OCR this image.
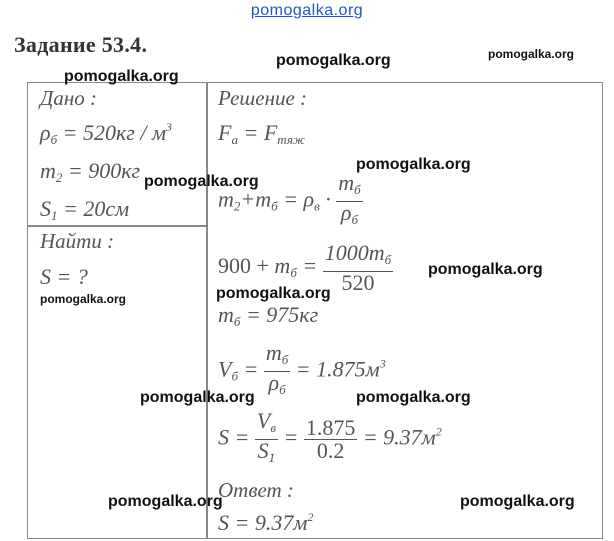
pomogalka.org
Задание 53.4.
Дано :
$\rho_б = 520кг / м^3$
$m_2 = 900кг$
$S_1 = 20см$
Найти :
S = ?
Решение :
$F_a = F_{тяж}$
$m_2+m_б = \rho_в \cdot \frac{m_б}{\rho_б}$
$900 + m_б = \frac{1000m_б}{520}$
$m_б = 975кг$
$V_б = \frac{m_б}{\rho_б} = 1.875м^3$
$S = \frac{V_в}{S_1} = \frac{1.875}{0.2} = 9.37м^2$
Ответ :
$S = 9.37м^2$
pomogalka.org	pomogalka.org
pomogalka.org
pomogalka.org
pomogalka.org
pomogalka.org
pomogalka.org
pomogalka.org
pomogalka.org	pomogalka.org
pomogalka.org	pomogalka.org
